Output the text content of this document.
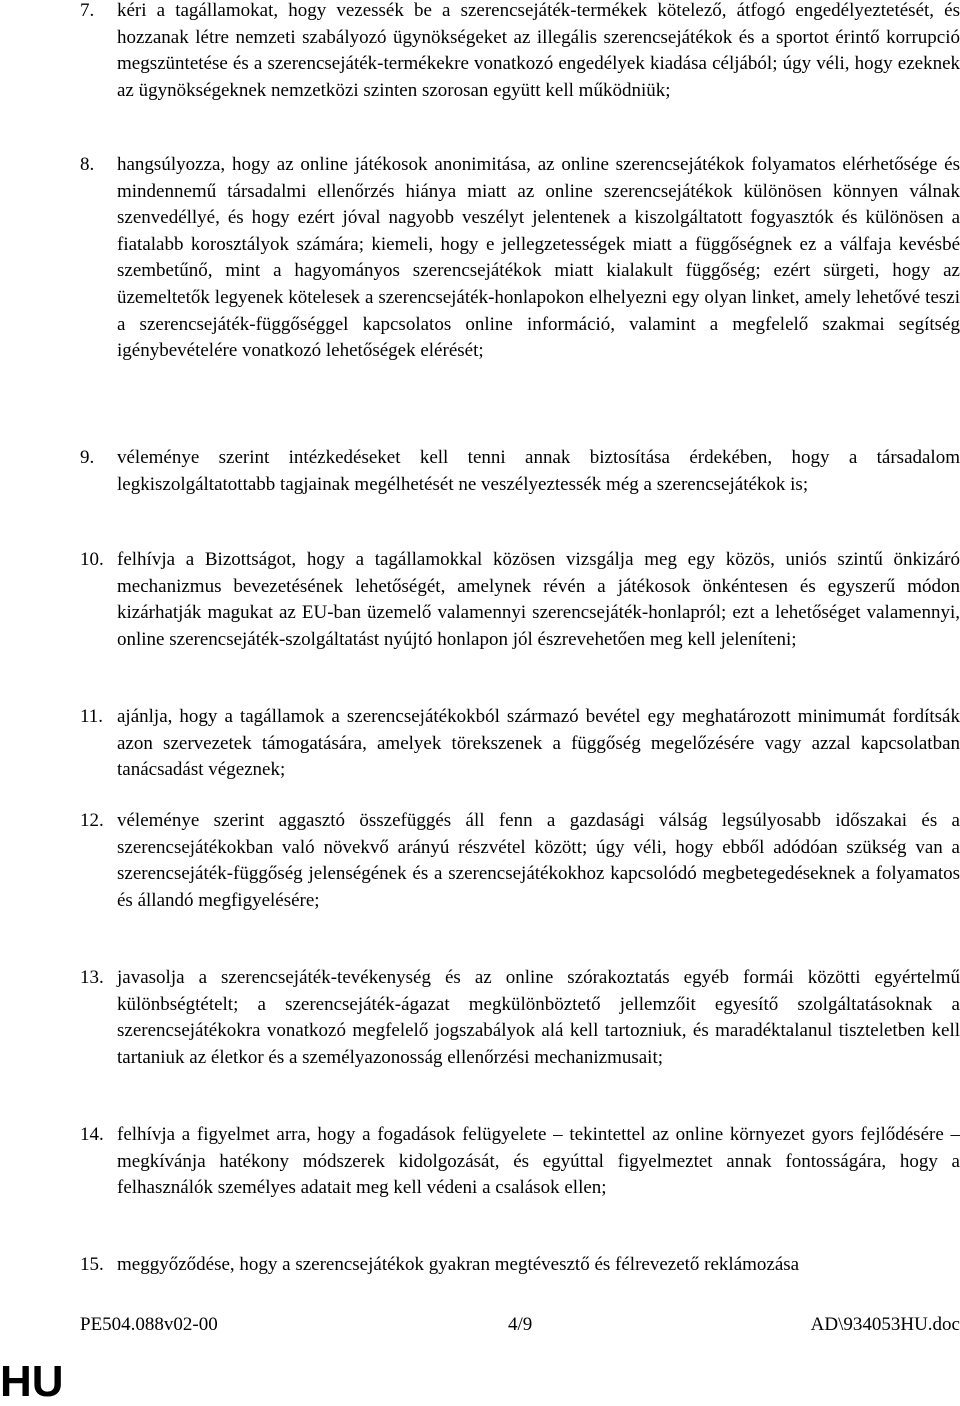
7. kéri a tagállamokat, hogy vezessék be a szerencsejáték-termékek kötelező, átfogó engedélyeztetését, és hozzanak létre nemzeti szabályozó ügynökségeket az illegális szerencsejátékok és a sportot érintő korrupció megszüntetése és a szerencsejáték-termékekre vonatkozó engedélyek kiadása céljából; úgy véli, hogy ezeknek az ügynökségeknek nemzetközi szinten szorosan együtt kell működniük;
8. hangsúlyozza, hogy az online játékosok anonimitása, az online szerencsejátékok folyamatos elérhetősége és mindennemű társadalmi ellenőrzés hiánya miatt az online szerencsejátékok különösen könnyen válnak szenvedéllyé, és hogy ezért jóval nagyobb veszélyt jelentenek a kiszolgáltatott fogyasztók és különösen a fiatalabb korosztályok számára; kiemeli, hogy e jellegzetességek miatt a függőségnek ez a válfaja kevésbé szembetűnő, mint a hagyományos szerencsejátékok miatt kialakult függőség; ezért sürgeti, hogy az üzemeltetők legyenek kötelesek a szerencsejáték-honlapokon elhelyezni egy olyan linket, amely lehetővé teszi a szerencsejáték-függőséggel kapcsolatos online információ, valamint a megfelelő szakmai segítség igénybevételére vonatkozó lehetőségek elérését;
9. véleménye szerint intézkedéseket kell tenni annak biztosítása érdekében, hogy a társadalom legkiszolgáltatottabb tagjainak megélhetését ne veszélyeztessék még a szerencsejátékok is;
10. felhívja a Bizottságot, hogy a tagállamokkal közösen vizsgálja meg egy közös, uniós szintű önkizáró mechanizmus bevezetésének lehetőségét, amelynek révén a játékosok önkéntesen és egyszerű módon kizárhatják magukat az EU-ban üzemelő valamennyi szerencsejáték-honlapról; ezt a lehetőséget valamennyi, online szerencsejáték-szolgáltatást nyújtó honlapon jól észrevehetően meg kell jeleníteni;
11. ajánlja, hogy a tagállamok a szerencsejátékokból származó bevétel egy meghatározott minimumát fordítsák azon szervezetek támogatására, amelyek törekszenek a függőség megelőzésére vagy azzal kapcsolatban tanácsadást végeznek;
12. véleménye szerint aggasztó összefüggés áll fenn a gazdasági válság legsúlyosabb időszakai és a szerencsejátékokban való növekvő arányú részvétel között; úgy véli, hogy ebből adódóan szükség van a szerencsejáték-függőség jelenségének és a szerencsejátékokhoz kapcsolódó megbetegedéseknek a folyamatos és állandó megfigyelésére;
13. javasolja a szerencsejáték-tevékenység és az online szórakoztatás egyéb formái közötti egyértelmű különbségtételt; a szerencsejáték-ágazat megkülönböztető jellemzőit egyesítő szolgáltatásoknak a szerencsejátékokra vonatkozó megfelelő jogszabályok alá kell tartozniuk, és maradéktalanul tiszteletben kell tartaniuk az életkor és a személyazonosság ellenőrzési mechanizmusait;
14. felhívja a figyelmet arra, hogy a fogadások felügyelete – tekintettel az online környezet gyors fejlődésére – megkívánja hatékony módszerek kidolgozását, és egyúttal figyelmeztet annak fontosságára, hogy a felhasználók személyes adatait meg kell védeni a csalások ellen;
15. meggyőződése, hogy a szerencsejátékok gyakran megtévesztő és félrevezető reklámozása
PE504.088v02-00	4/9	AD\934053HU.doc
HU
